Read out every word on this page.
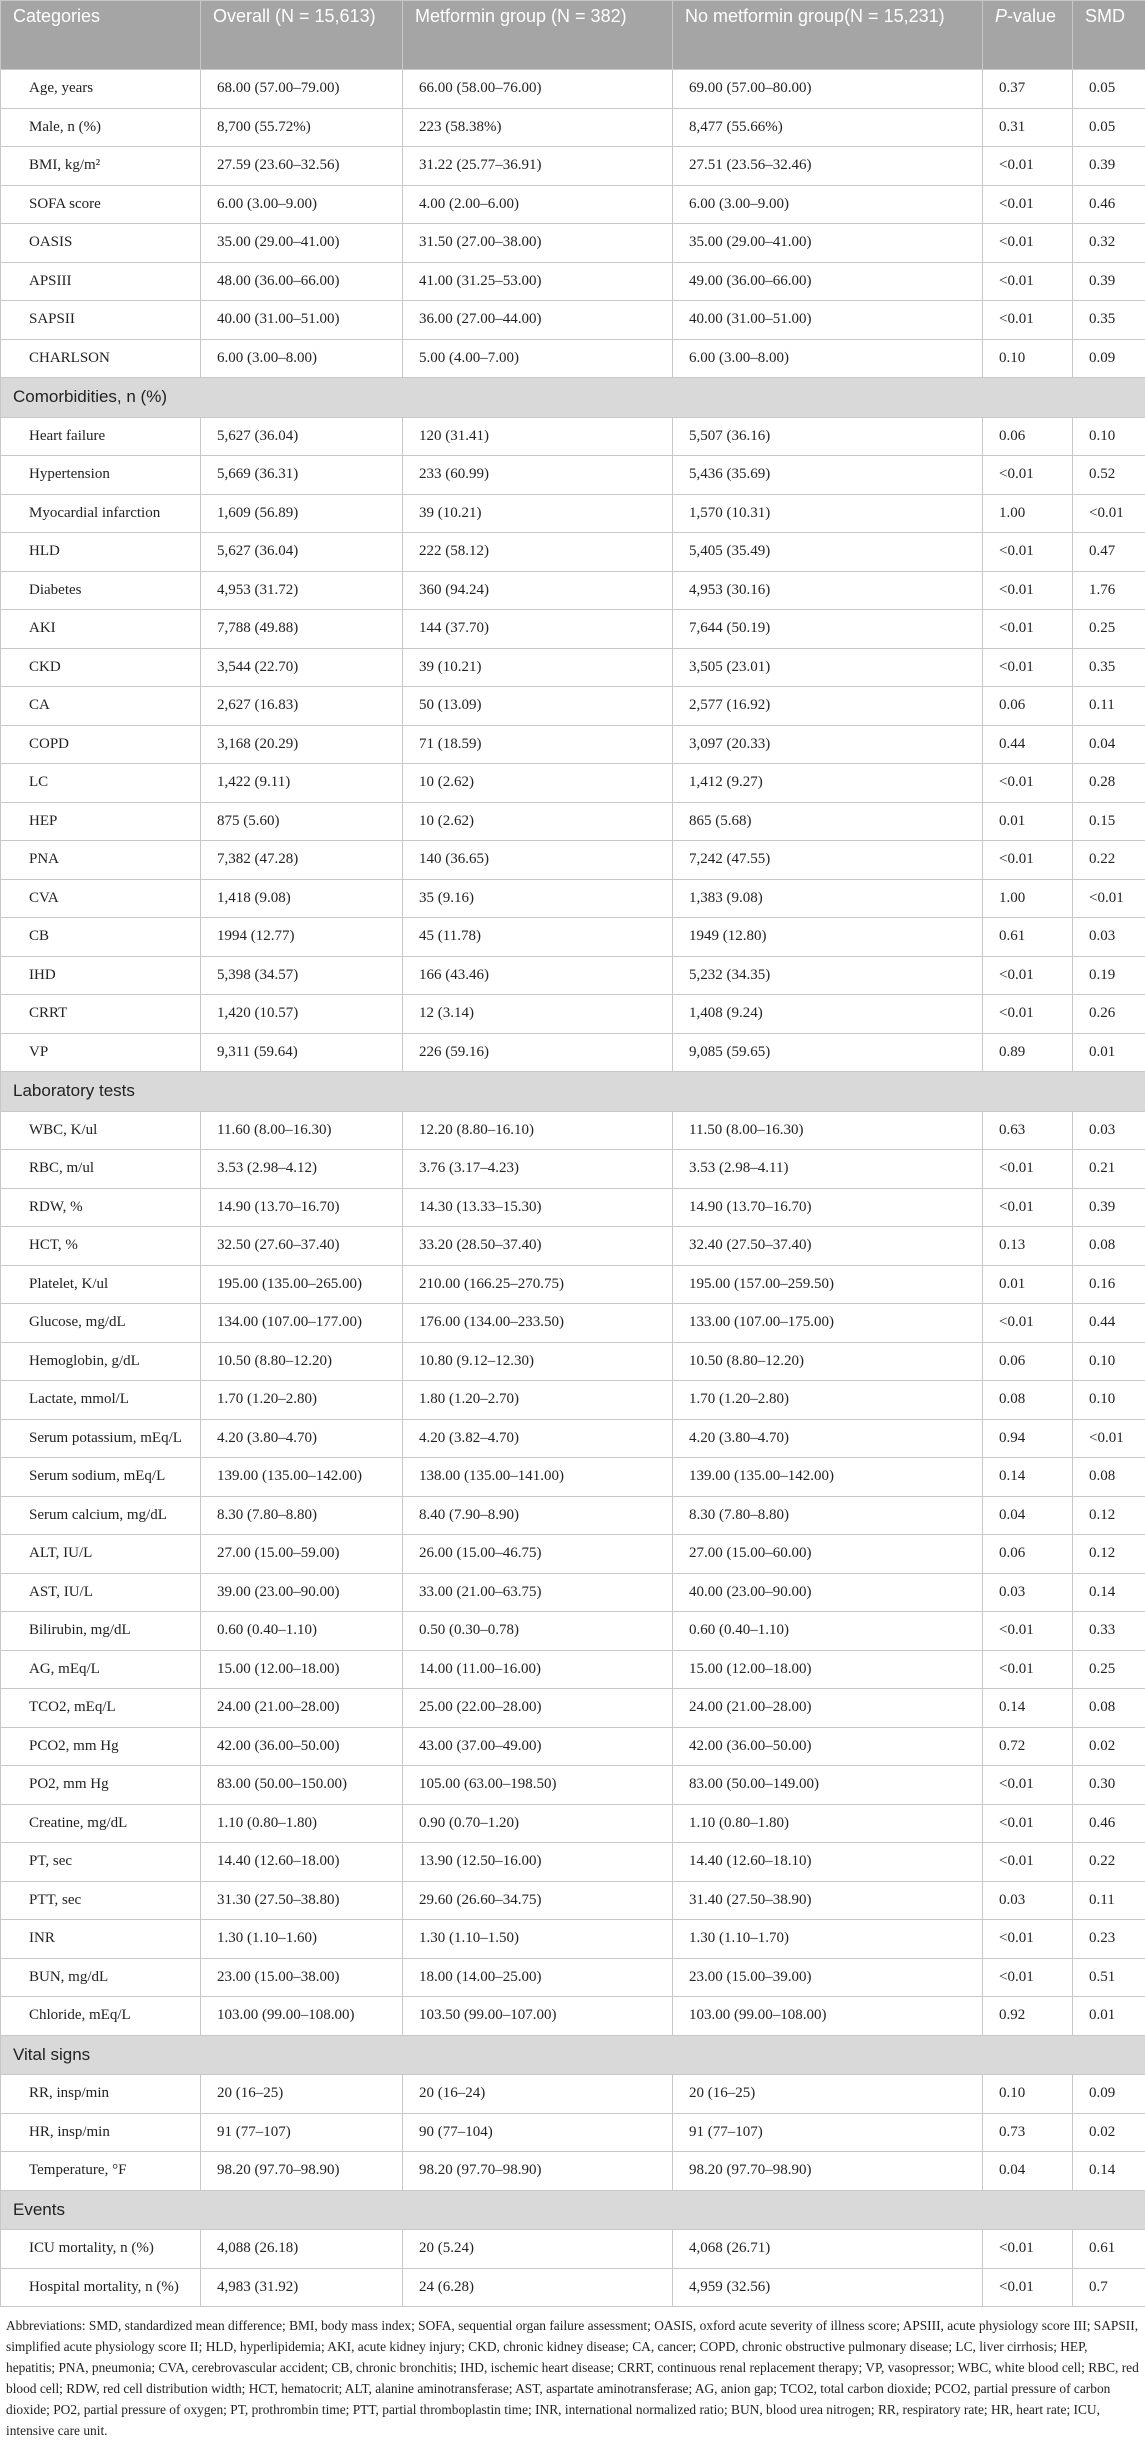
Categories	Overall (N = 15,613)	Metformin group (N = 382)	No metformin group(N = 15,231)	P-value	SMD
Age, years	68.00 (57.00–79.00)	66.00 (58.00–76.00)	69.00 (57.00–80.00)	0.37	0.05
Male, n (%)	8,700 (55.72%)	223 (58.38%)	8,477 (55.66%)	0.31	0.05
BMI, kg/m²	27.59 (23.60–32.56)	31.22 (25.77–36.91)	27.51 (23.56–32.46)	<0.01	0.39
SOFA score	6.00 (3.00–9.00)	4.00 (2.00–6.00)	6.00 (3.00–9.00)	<0.01	0.46
OASIS	35.00 (29.00–41.00)	31.50 (27.00–38.00)	35.00 (29.00–41.00)	<0.01	0.32
APSIII	48.00 (36.00–66.00)	41.00 (31.25–53.00)	49.00 (36.00–66.00)	<0.01	0.39
SAPSII	40.00 (31.00–51.00)	36.00 (27.00–44.00)	40.00 (31.00–51.00)	<0.01	0.35
CHARLSON	6.00 (3.00–8.00)	5.00 (4.00–7.00)	6.00 (3.00–8.00)	0.10	0.09
Comorbidities, n (%)					
Heart failure	5,627 (36.04)	120 (31.41)	5,507 (36.16)	0.06	0.10
Hypertension	5,669 (36.31)	233 (60.99)	5,436 (35.69)	<0.01	0.52
Myocardial infarction	1,609 (56.89)	39 (10.21)	1,570 (10.31)	1.00	<0.01
HLD	5,627 (36.04)	222 (58.12)	5,405 (35.49)	<0.01	0.47
Diabetes	4,953 (31.72)	360 (94.24)	4,953 (30.16)	<0.01	1.76
AKI	7,788 (49.88)	144 (37.70)	7,644 (50.19)	<0.01	0.25
CKD	3,544 (22.70)	39 (10.21)	3,505 (23.01)	<0.01	0.35
CA	2,627 (16.83)	50 (13.09)	2,577 (16.92)	0.06	0.11
COPD	3,168 (20.29)	71 (18.59)	3,097 (20.33)	0.44	0.04
LC	1,422 (9.11)	10 (2.62)	1,412 (9.27)	<0.01	0.28
HEP	875 (5.60)	10 (2.62)	865 (5.68)	0.01	0.15
PNA	7,382 (47.28)	140 (36.65)	7,242 (47.55)	<0.01	0.22
CVA	1,418 (9.08)	35 (9.16)	1,383 (9.08)	1.00	<0.01
CB	1994 (12.77)	45 (11.78)	1949 (12.80)	0.61	0.03
IHD	5,398 (34.57)	166 (43.46)	5,232 (34.35)	<0.01	0.19
CRRT	1,420 (10.57)	12 (3.14)	1,408 (9.24)	<0.01	0.26
VP	9,311 (59.64)	226 (59.16)	9,085 (59.65)	0.89	0.01
Laboratory tests					
WBC, K/ul	11.60 (8.00–16.30)	12.20 (8.80–16.10)	11.50 (8.00–16.30)	0.63	0.03
RBC, m/ul	3.53 (2.98–4.12)	3.76 (3.17–4.23)	3.53 (2.98–4.11)	<0.01	0.21
RDW, %	14.90 (13.70–16.70)	14.30 (13.33–15.30)	14.90 (13.70–16.70)	<0.01	0.39
HCT, %	32.50 (27.60–37.40)	33.20 (28.50–37.40)	32.40 (27.50–37.40)	0.13	0.08
Platelet, K/ul	195.00 (135.00–265.00)	210.00 (166.25–270.75)	195.00 (157.00–259.50)	0.01	0.16
Glucose, mg/dL	134.00 (107.00–177.00)	176.00 (134.00–233.50)	133.00 (107.00–175.00)	<0.01	0.44
Hemoglobin, g/dL	10.50 (8.80–12.20)	10.80 (9.12–12.30)	10.50 (8.80–12.20)	0.06	0.10
Lactate, mmol/L	1.70 (1.20–2.80)	1.80 (1.20–2.70)	1.70 (1.20–2.80)	0.08	0.10
Serum potassium, mEq/L	4.20 (3.80–4.70)	4.20 (3.82–4.70)	4.20 (3.80–4.70)	0.94	<0.01
Serum sodium, mEq/L	139.00 (135.00–142.00)	138.00 (135.00–141.00)	139.00 (135.00–142.00)	0.14	0.08
Serum calcium, mg/dL	8.30 (7.80–8.80)	8.40 (7.90–8.90)	8.30 (7.80–8.80)	0.04	0.12
ALT, IU/L	27.00 (15.00–59.00)	26.00 (15.00–46.75)	27.00 (15.00–60.00)	0.06	0.12
AST, IU/L	39.00 (23.00–90.00)	33.00 (21.00–63.75)	40.00 (23.00–90.00)	0.03	0.14
Bilirubin, mg/dL	0.60 (0.40–1.10)	0.50 (0.30–0.78)	0.60 (0.40–1.10)	<0.01	0.33
AG, mEq/L	15.00 (12.00–18.00)	14.00 (11.00–16.00)	15.00 (12.00–18.00)	<0.01	0.25
TCO2, mEq/L	24.00 (21.00–28.00)	25.00 (22.00–28.00)	24.00 (21.00–28.00)	0.14	0.08
PCO2, mm Hg	42.00 (36.00–50.00)	43.00 (37.00–49.00)	42.00 (36.00–50.00)	0.72	0.02
PO2, mm Hg	83.00 (50.00–150.00)	105.00 (63.00–198.50)	83.00 (50.00–149.00)	<0.01	0.30
Creatine, mg/dL	1.10 (0.80–1.80)	0.90 (0.70–1.20)	1.10 (0.80–1.80)	<0.01	0.46
PT, sec	14.40 (12.60–18.00)	13.90 (12.50–16.00)	14.40 (12.60–18.10)	<0.01	0.22
PTT, sec	31.30 (27.50–38.80)	29.60 (26.60–34.75)	31.40 (27.50–38.90)	0.03	0.11
INR	1.30 (1.10–1.60)	1.30 (1.10–1.50)	1.30 (1.10–1.70)	<0.01	0.23
BUN, mg/dL	23.00 (15.00–38.00)	18.00 (14.00–25.00)	23.00 (15.00–39.00)	<0.01	0.51
Chloride, mEq/L	103.00 (99.00–108.00)	103.50 (99.00–107.00)	103.00 (99.00–108.00)	0.92	0.01
Vital signs					
RR, insp/min	20 (16–25)	20 (16–24)	20 (16–25)	0.10	0.09
HR, insp/min	91 (77–107)	90 (77–104)	91 (77–107)	0.73	0.02
Temperature, °F	98.20 (97.70–98.90)	98.20 (97.70–98.90)	98.20 (97.70–98.90)	0.04	0.14
Events					
ICU mortality, n (%)	4,088 (26.18)	20 (5.24)	4,068 (26.71)	<0.01	0.61
Hospital mortality, n (%)	4,983 (31.92)	24 (6.28)	4,959 (32.56)	<0.01	0.7
Abbreviations: SMD, standardized mean difference; BMI, body mass index; SOFA, sequential organ failure assessment; OASIS, oxford acute severity of illness score; APSIII, acute physiology score III; SAPSII, simplified acute physiology score II; HLD, hyperlipidemia; AKI, acute kidney injury; CKD, chronic kidney disease; CA, cancer; COPD, chronic obstructive pulmonary disease; LC, liver cirrhosis; HEP, hepatitis; PNA, pneumonia; CVA, cerebrovascular accident; CB, chronic bronchitis; IHD, ischemic heart disease; CRRT, continuous renal replacement therapy; VP, vasopressor; WBC, white blood cell; RBC, red blood cell; RDW, red cell distribution width; HCT, hematocrit; ALT, alanine aminotransferase; AST, aspartate aminotransferase; AG, anion gap; TCO2, total carbon dioxide; PCO2, partial pressure of carbon dioxide; PO2, partial pressure of oxygen; PT, prothrombin time; PTT, partial thromboplastin time; INR, international normalized ratio; BUN, blood urea nitrogen; RR, respiratory rate; HR, heart rate; ICU, intensive care unit.
